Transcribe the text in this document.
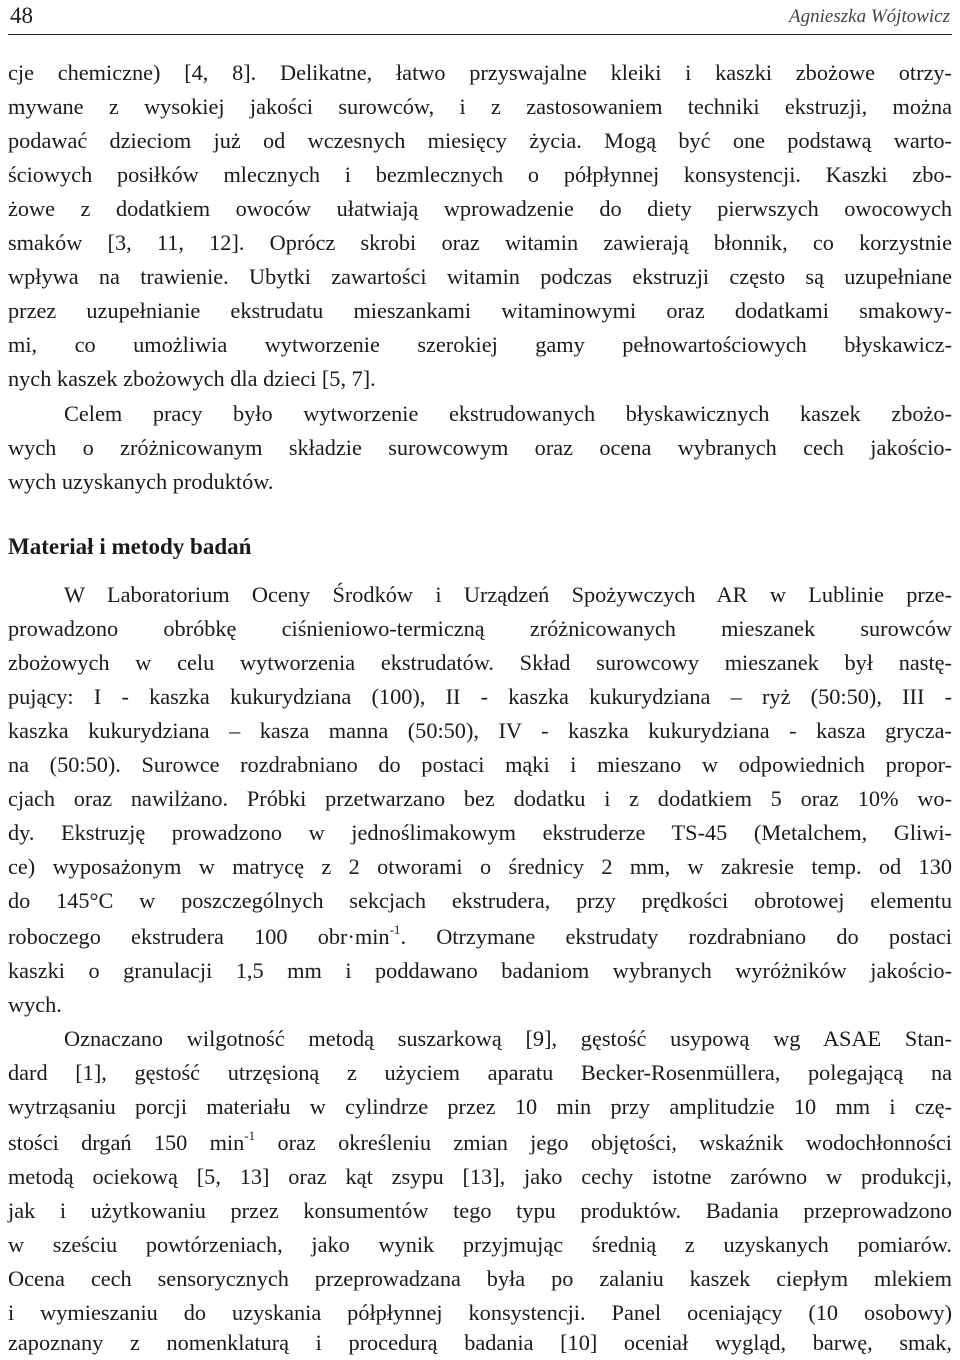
48	Agnieszka Wójtowicz
cje chemiczne) [4, 8]. Delikatne, łatwo przyswajalne kleiki i kaszki zbożowe otrzy-
mywane z wysokiej jakości surowców, i z zastosowaniem techniki ekstruzji, można
podawać dzieciom już od wczesnych miesięcy życia. Mogą być one podstawą warto-
ściowych posiłków mlecznych i bezmlecznych o półpłynnej konsystencji. Kaszki zbo-
żowe z dodatkiem owoców ułatwiają wprowadzenie do diety pierwszych owocowych
smaków [3, 11, 12]. Oprócz skrobi oraz witamin zawierają błonnik, co korzystnie
wpływa na trawienie. Ubytki zawartości witamin podczas ekstruzji często są uzupełniane
przez uzupełnianie ekstrudatu mieszankami witaminowymi oraz dodatkami smakowy-
mi, co umożliwia wytworzenie szerokiej gamy pełnowartościowych błyskawicz-
nych kaszek zbożowych dla dzieci [5, 7].
Celem pracy było wytworzenie ekstrudowanych błyskawicznych kaszek zbożo-
wych o zróżnicowanym składzie surowcowym oraz ocena wybranych cech jakościo-
wych uzyskanych produktów.
Materiał i metody badań
W Laboratorium Oceny Środków i Urządzeń Spożywczych AR w Lublinie prze-
prowadzono obróbkę ciśnieniowo-termiczną zróżnicowanych mieszanek surowców
zbożowych w celu wytworzenia ekstrudatów. Skład surowcowy mieszanek był nastę-
pujący: I - kaszka kukurydziana (100), II - kaszka kukurydziana – ryż (50:50), III -
kaszka kukurydziana – kasza manna (50:50), IV - kaszka kukurydziana - kasza grycza-
na (50:50). Surowce rozdrabniano do postaci mąki i mieszano w odpowiednich propor-
cjach oraz nawilżano. Próbki przetwarzano bez dodatku i z dodatkiem 5 oraz 10% wo-
dy. Ekstruzję prowadzono w jednoślimakowym ekstruderze TS-45 (Metalchem, Gliwi-
ce) wyposażonym w matrycę z 2 otworami o średnicy 2 mm, w zakresie temp. od 130
do 145°C w poszczególnych sekcjach ekstrudera, przy prędkości obrotowej elementu
roboczego ekstrudera 100 $obr\cdot\min^{-1}$. Otrzymane ekstrudaty rozdrabniano do postaci
kaszki o granulacji 1,5 mm i poddawano badaniom wybranych wyróżników jakościo-
wych.
Oznaczano wilgotność metodą suszarkową [9], gęstość usypową wg ASAE Stan-
dard [1], gęstość utrzęsioną z użyciem aparatu Becker-Rosenmüllera, polegającą na
wytrząsaniu porcji materiału w cylindrze przez 10 min przy amplitudzie 10 mm i czę-
stości drgań 150 $\min^{-1}$ oraz określeniu zmian jego objętości, wskaźnik wodochłonności
metodą ociekową [5, 13] oraz kąt zsypu [13], jako cechy istotne zarówno w produkcji,
jak i użytkowaniu przez konsumentów tego typu produktów. Badania przeprowadzono
w sześciu powtórzeniach, jako wynik przyjmując średnią z uzyskanych pomiarów.
Ocena cech sensorycznych przeprowadzana była po zalaniu kaszek ciepłym mlekiem
i wymieszaniu do uzyskania półpłynnej konsystencji. Panel oceniający (10 osobowy)
zapoznany z nomenklaturą i procedurą badania [10] oceniał wygląd, barwę, smak,
